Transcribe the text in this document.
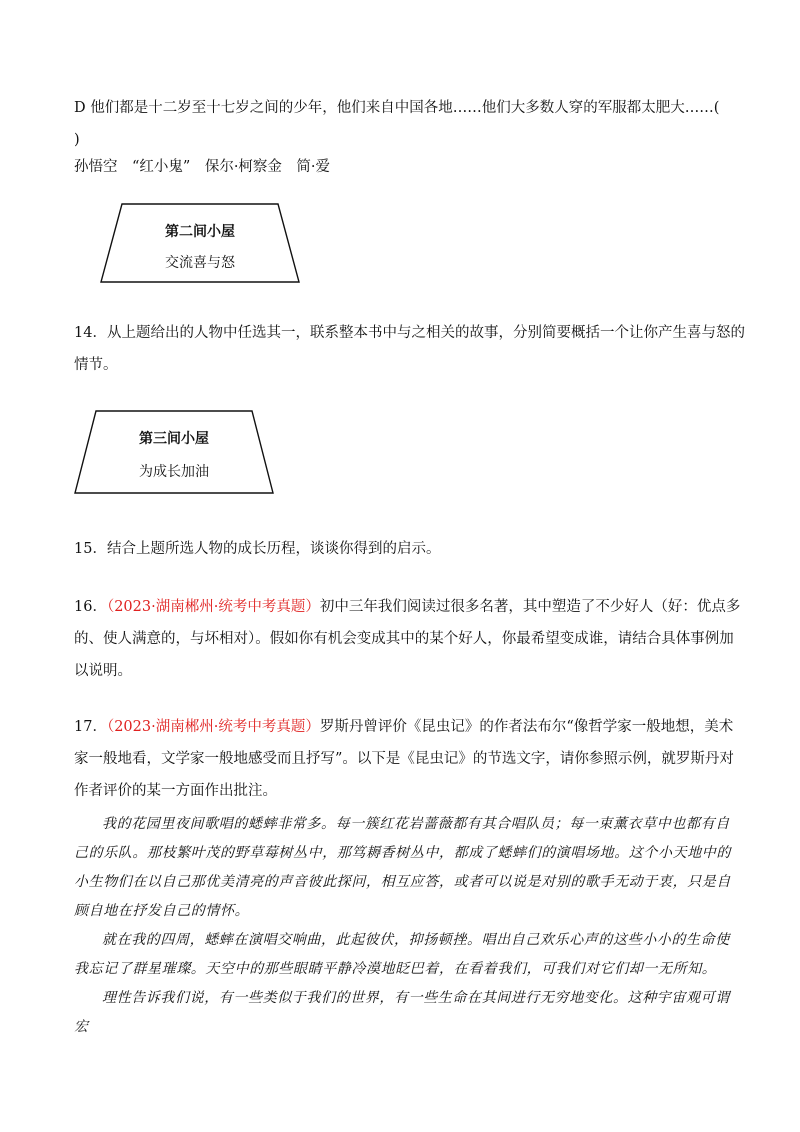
D 他们都是十二岁至十七岁之间的少年，他们来自中国各地……他们大多数人穿的军服都太肥大……(
)
孙悟空　“红小鬼”　保尔·柯察金　简·爱
第二间小屋
交流喜与怒
14．从上题给出的人物中任选其一，联系整本书中与之相关的故事，分别简要概括一个让你产生喜与怒的
情节。
第三间小屋
为成长加油
15．结合上题所选人物的成长历程，谈谈你得到的启示。
16．（2023·湖南郴州·统考中考真题）初中三年我们阅读过很多名著，其中塑造了不少好人（好：优点多
的、使人满意的，与坏相对）。假如你有机会变成其中的某个好人，你最希望变成谁，请结合具体事例加
以说明。
17．（2023·湖南郴州·统考中考真题）罗斯丹曾评价《昆虫记》的作者法布尔“像哲学家一般地想，美术
家一般地看，文学家一般地感受而且抒写”。以下是《昆虫记》的节选文字，请你参照示例，就罗斯丹对
作者评价的某一方面作出批注。

我的花园里夜间歌唱的蟋蟀非常多。每一簇红花岩蔷薇都有其合唱队员；每一束薰衣草中也都有自己的乐队。那枝繁叶茂的野草莓树丛中，那笃耨香树丛中，都成了蟋蟀们的演唱场地。这个小天地中的小生物们在以自己那优美清亮的声音彼此探问，相互应答，或者可以说是对别的歌手无动于衷，只是自顾自地在抒发自己的情怀。

就在我的四周，蟋蟀在演唱交响曲，此起彼伏，抑扬顿挫。唱出自己欢乐心声的这些小小的生命使我忘记了群星璀璨。天空中的那些眼睛平静冷漠地眨巴着，在看着我们，可我们对它们却一无所知。

理性告诉我们说，有一些类似于我们的世界，有一些生命在其间进行无穷地变化。这种宇宙观可谓宏
